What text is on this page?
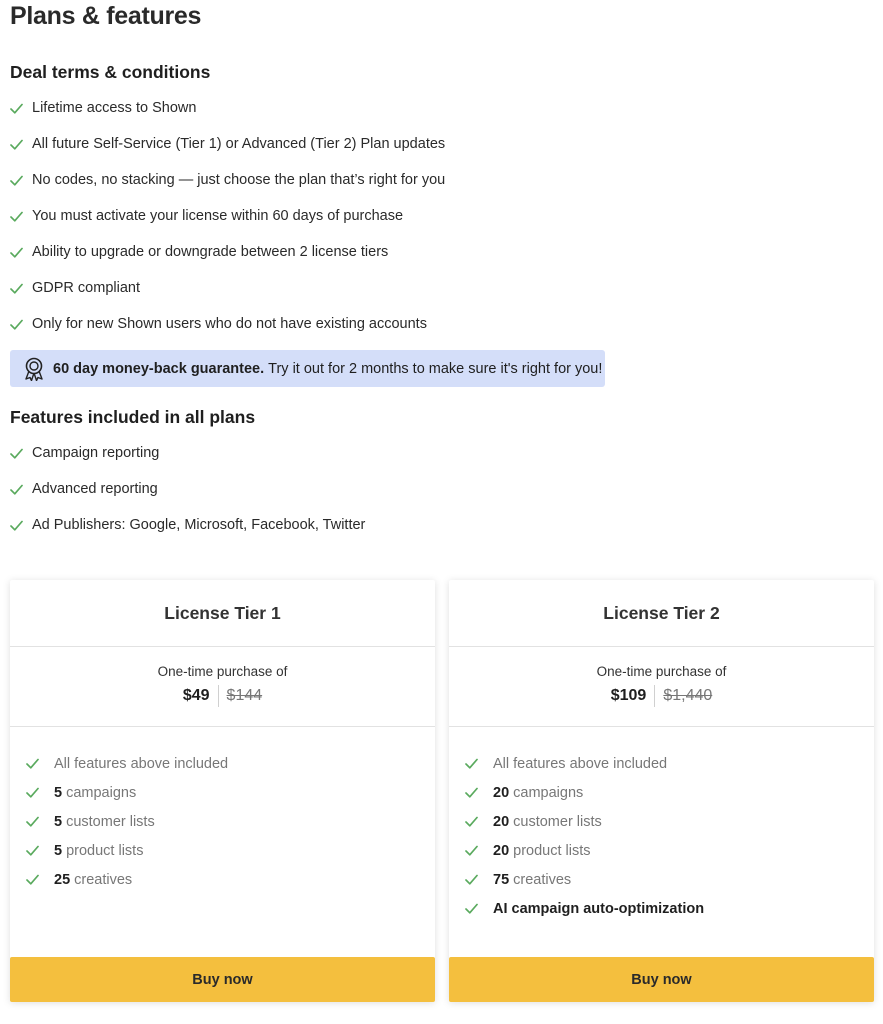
Plans & features
Deal terms & conditions
Lifetime access to Shown
All future Self-Service (Tier 1) or Advanced (Tier 2) Plan updates
No codes, no stacking — just choose the plan that’s right for you
You must activate your license within 60 days of purchase
Ability to upgrade or downgrade between 2 license tiers
GDPR compliant
Only for new Shown users who do not have existing accounts
60 day money-back guarantee. Try it out for 2 months to make sure it's right for you!
Features included in all plans
Campaign reporting
Advanced reporting
Ad Publishers: Google, Microsoft, Facebook, Twitter
License Tier 1
One-time purchase of
$49	$144
All features above included
5 campaigns
5 customer lists
5 product lists
25 creatives
Buy now
License Tier 2
One-time purchase of
$109	$1,440
All features above included
20 campaigns
20 customer lists
20 product lists
75 creatives
AI campaign auto-optimization
Buy now
